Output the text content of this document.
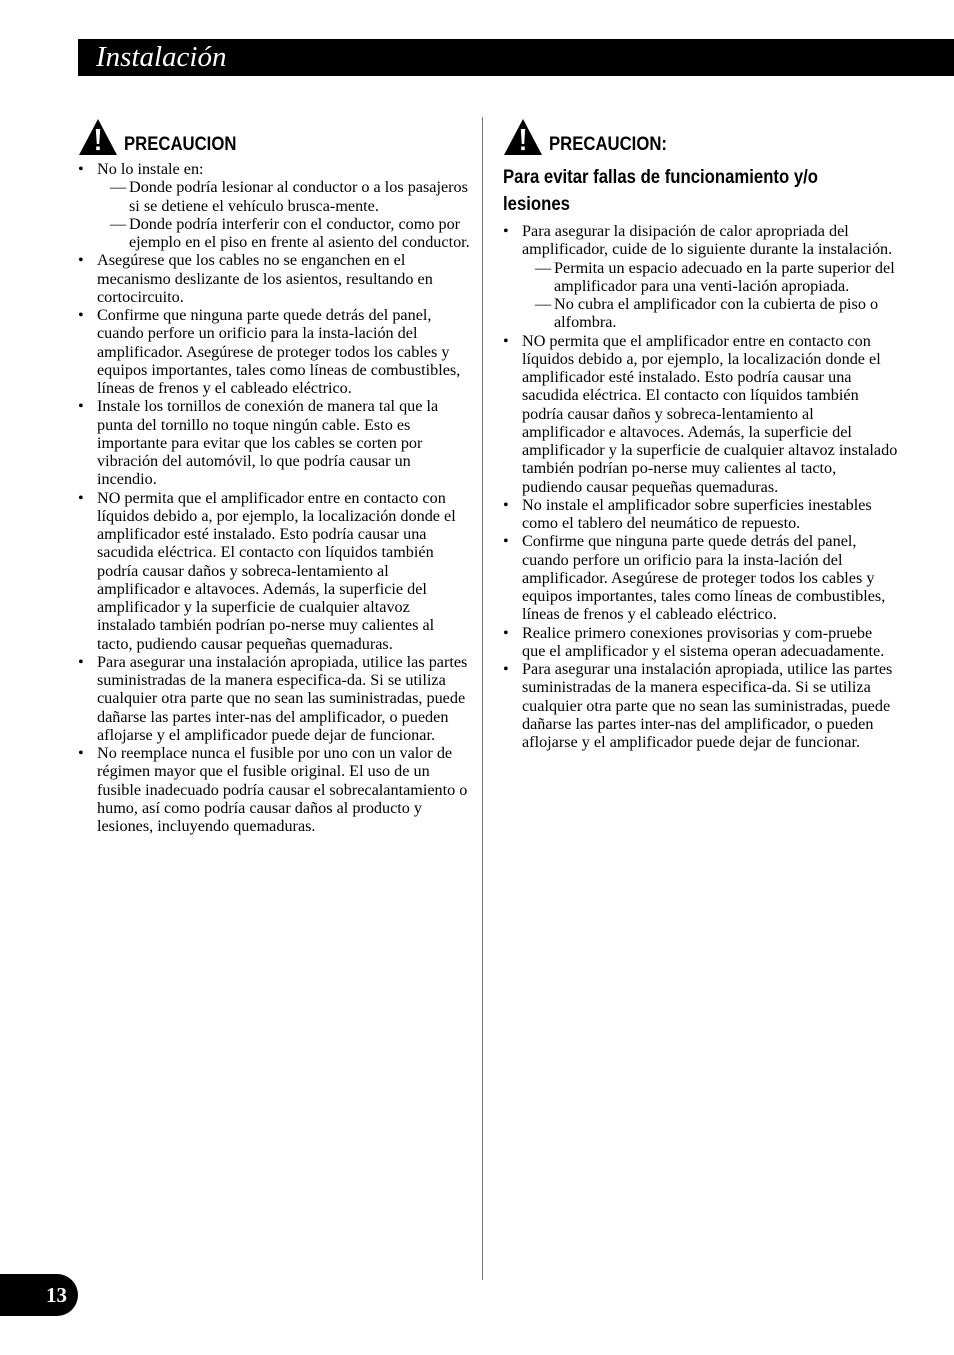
Instalación
PRECAUCION
• No lo instale en:
— Donde podría lesionar al conductor o a los pasajeros si se detiene el vehículo brusca-mente.
— Donde podría interferir con el conductor, como por ejemplo en el piso en frente al asiento del conductor.
• Asegúrese que los cables no se enganchen en el mecanismo deslizante de los asientos, resultando en cortocircuito.
• Confirme que ninguna parte quede detrás del panel, cuando perfore un orificio para la insta-lación del amplificador. Asegúrese de proteger todos los cables y equipos importantes, tales como líneas de combustibles, líneas de frenos y el cableado eléctrico.
• Instale los tornillos de conexión de manera tal que la punta del tornillo no toque ningún cable. Esto es importante para evitar que los cables se corten por vibración del automóvil, lo que podría causar un incendio.
• NO permita que el amplificador entre en contacto con líquidos debido a, por ejemplo, la localización donde el amplificador esté instalado. Esto podría causar una sacudida eléctrica. El contacto con líquidos también podría causar daños y sobreca-lentamiento al amplificador e altavoces. Además, la superficie del amplificador y la superficie de cualquier altavoz instalado también podrían po-nerse muy calientes al tacto, pudiendo causar pequeñas quemaduras.
• Para asegurar una instalación apropiada, utilice las partes suministradas de la manera especifica-da. Si se utiliza cualquier otra parte que no sean las suministradas, puede dañarse las partes inter-nas del amplificador, o pueden aflojarse y el amplificador puede dejar de funcionar.
• No reemplace nunca el fusible por uno con un valor de régimen mayor que el fusible original. El uso de un fusible inadecuado podría causar el sobrecalantamiento o humo, así como podría causar daños al producto y lesiones, incluyendo quemaduras.
PRECAUCION:
Para evitar fallas de funcionamiento y/o lesiones
• Para asegurar la disipación de calor apropriada del amplificador, cuide de lo siguiente durante la instalación.
— Permita un espacio adecuado en la parte superior del amplificador para una venti-lación apropiada.
— No cubra el amplificador con la cubierta de piso o alfombra.
• NO permita que el amplificador entre en contacto con líquidos debido a, por ejemplo, la localización donde el amplificador esté instalado. Esto podría causar una sacudida eléctrica. El contacto con líquidos también podría causar daños y sobreca-lentamiento al amplificador e altavoces. Además, la superficie del amplificador y la superficie de cualquier altavoz instalado también podrían po-nerse muy calientes al tacto, pudiendo causar pequeñas quemaduras.
• No instale el amplificador sobre superficies inestables como el tablero del neumático de repuesto.
• Confirme que ninguna parte quede detrás del panel, cuando perfore un orificio para la insta-lación del amplificador. Asegúrese de proteger todos los cables y equipos importantes, tales como líneas de combustibles, líneas de frenos y el cableado eléctrico.
• Realice primero conexiones provisorias y com-pruebe que el amplificador y el sistema operan adecuadamente.
• Para asegurar una instalación apropiada, utilice las partes suministradas de la manera especifica-da. Si se utiliza cualquier otra parte que no sean las suministradas, puede dañarse las partes inter-nas del amplificador, o pueden aflojarse y el amplificador puede dejar de funcionar.
13
